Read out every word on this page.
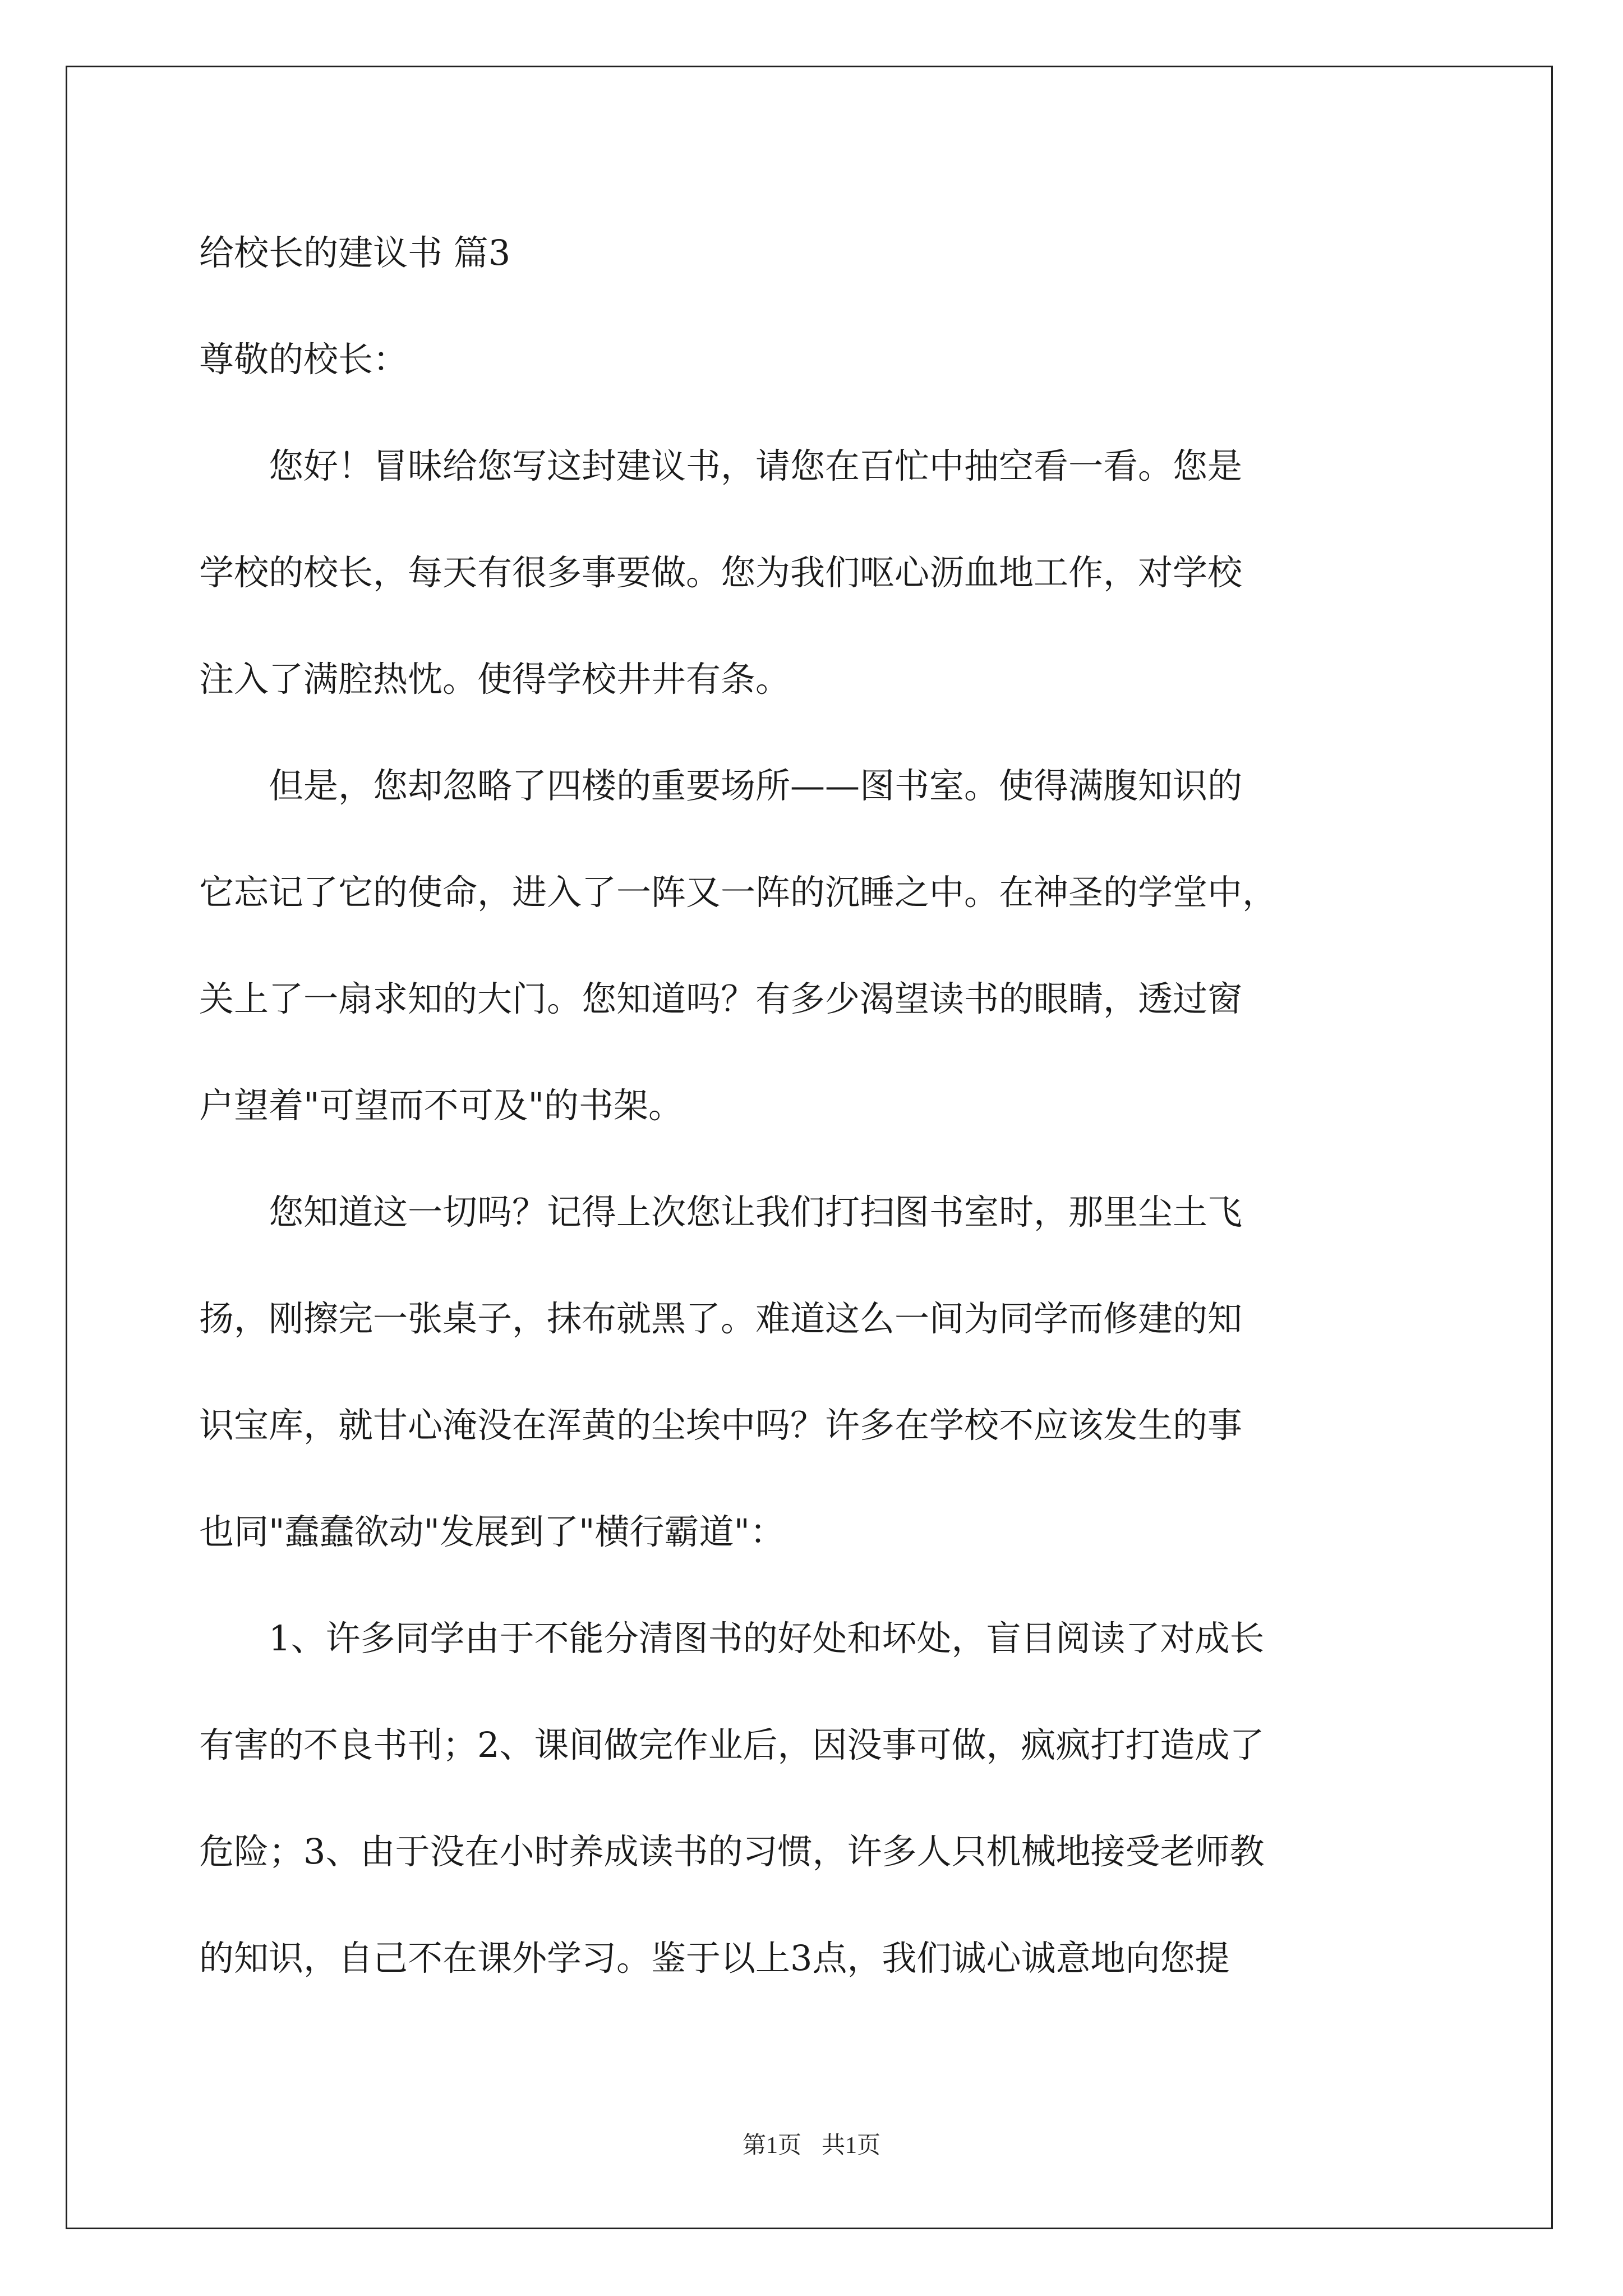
给校长的建议书 篇3

尊敬的校长：

　　您好！冒昧给您写这封建议书，请您在百忙中抽空看一看。您是

学校的校长，每天有很多事要做。您为我们呕心沥血地工作，对学校

注入了满腔热忱。使得学校井井有条。

　　但是，您却忽略了四楼的重要场所——图书室。使得满腹知识的

它忘记了它的使命，进入了一阵又一阵的沉睡之中。在神圣的学堂中，

关上了一扇求知的大门。您知道吗？有多少渴望读书的眼睛，透过窗

户望着"可望而不可及"的书架。

　　您知道这一切吗？记得上次您让我们打扫图书室时，那里尘土飞

扬，刚擦完一张桌子，抹布就黑了。难道这么一间为同学而修建的知

识宝库，就甘心淹没在浑黄的尘埃中吗？许多在学校不应该发生的事

也同"蠢蠢欲动"发展到了"横行霸道"：

　　1、许多同学由于不能分清图书的好处和坏处，盲目阅读了对成长

有害的不良书刊；2、课间做完作业后，因没事可做，疯疯打打造成了

危险；3、由于没在小时养成读书的习惯，许多人只机械地接受老师教

的知识，自己不在课外学习。鉴于以上3点，我们诚心诚意地向您提

第1页 共1页
